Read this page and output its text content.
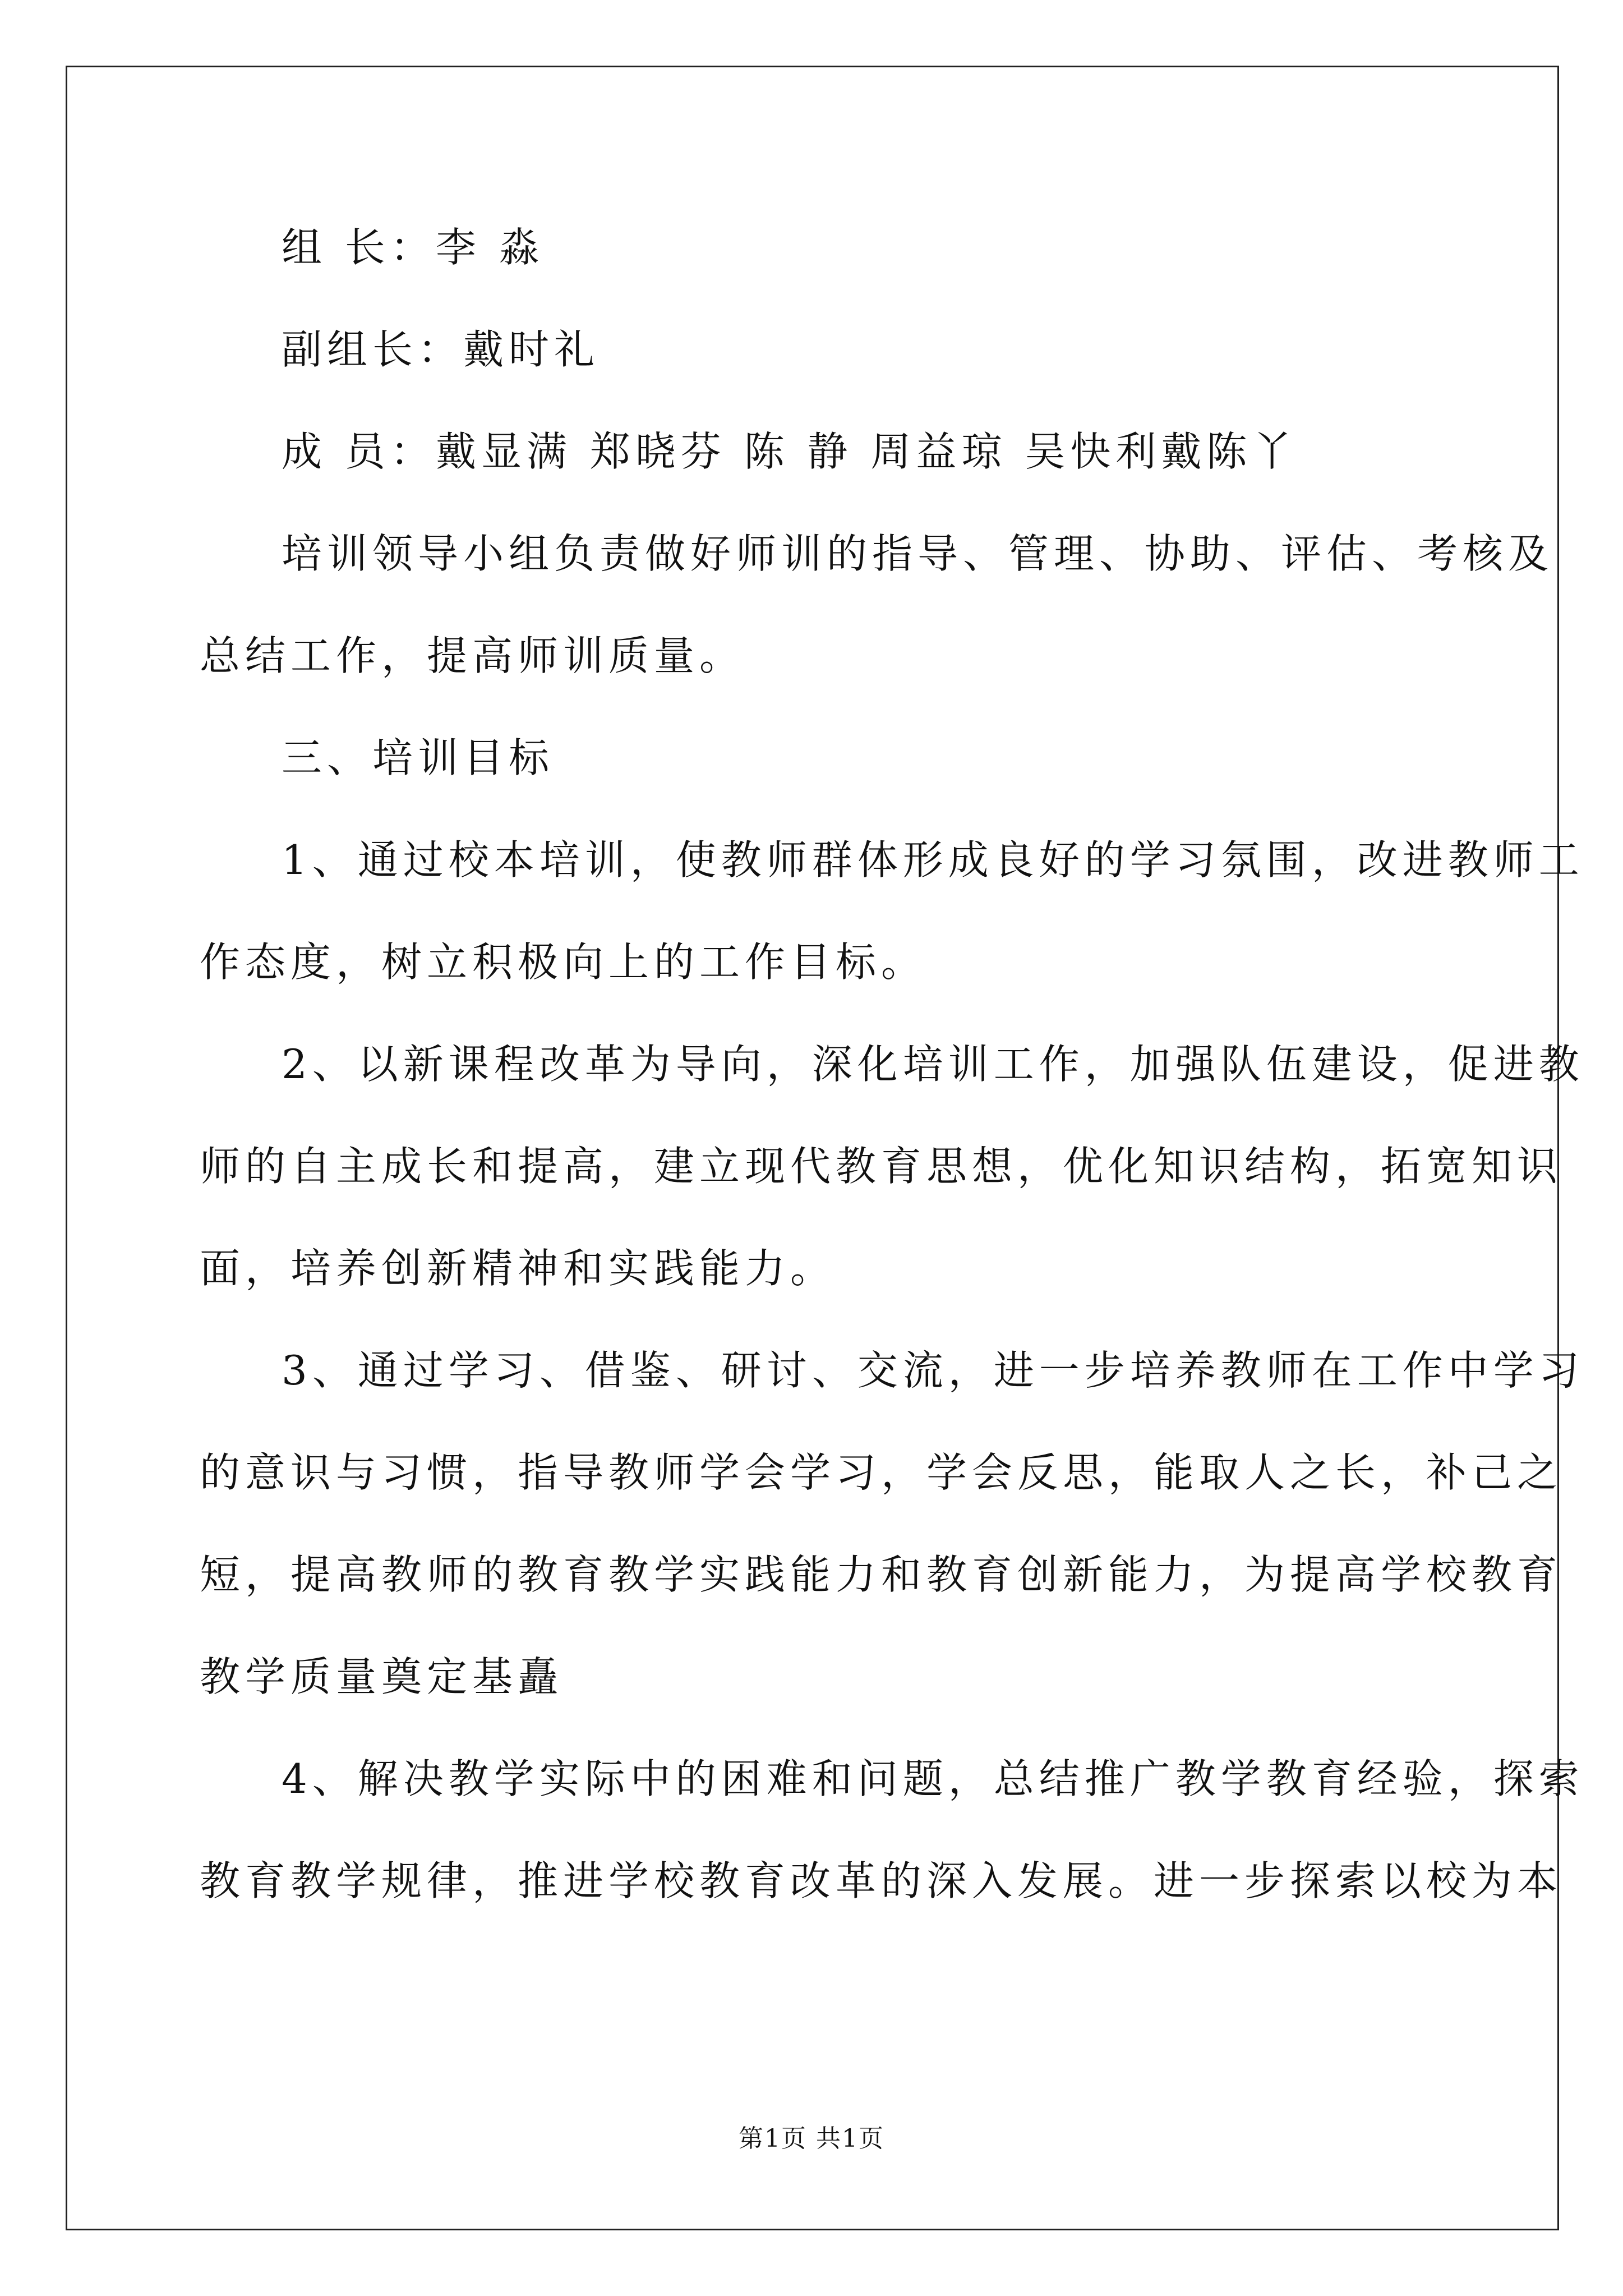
组 长：李 淼
副组长：戴时礼
成 员：戴显满 郑晓芬 陈 静 周益琼 吴快利戴陈丫
培训领导小组负责做好师训的指导、管理、协助、评估、考核及
总结工作，提高师训质量。
三、培训目标
1、通过校本培训，使教师群体形成良好的学习氛围，改进教师工
作态度，树立积极向上的工作目标。
2、以新课程改革为导向，深化培训工作，加强队伍建设，促进教
师的自主成长和提高，建立现代教育思想，优化知识结构，拓宽知识
面，培养创新精神和实践能力。
3、通过学习、借鉴、研讨、交流，进一步培养教师在工作中学习
的意识与习惯，指导教师学会学习，学会反思，能取人之长，补己之
短，提高教师的教育教学实践能力和教育创新能力，为提高学校教育
教学质量奠定基矗
4、解决教学实际中的困难和问题，总结推广教学教育经验，探索
教育教学规律，推进学校教育改革的深入发展。进一步探索以校为本
第1页 共1页
